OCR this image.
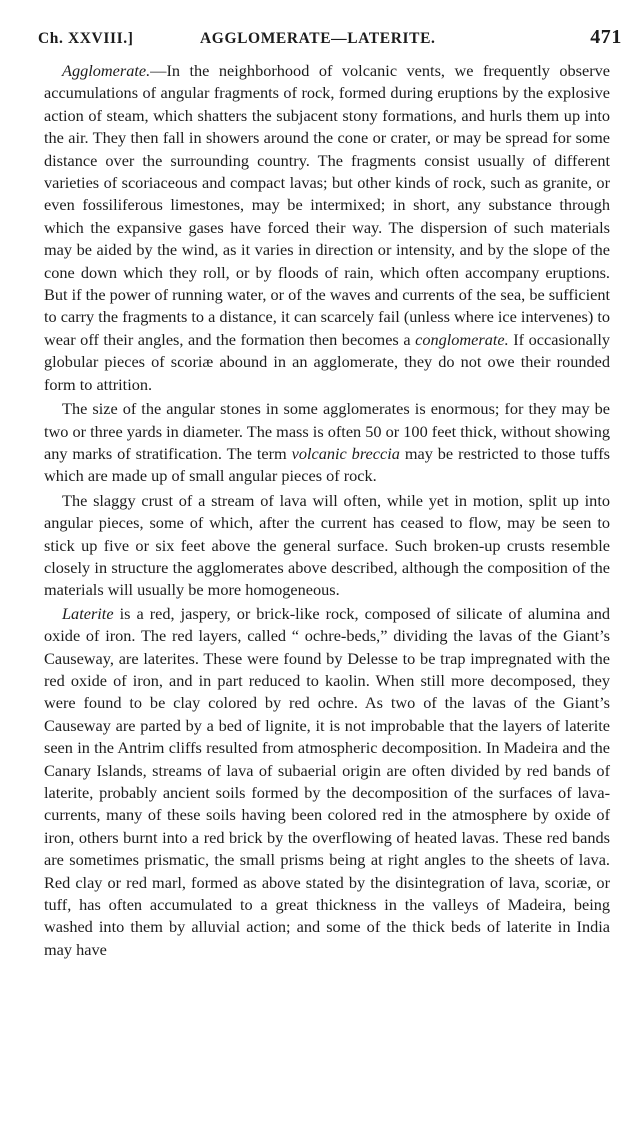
Ch. XXVIII.]	AGGLOMERATE—LATERITE.	471

Agglomerate.—In the neighborhood of volcanic vents, we frequently observe accumulations of angular fragments of rock, formed during eruptions by the explosive action of steam, which shatters the subjacent stony formations, and hurls them up into the air. They then fall in showers around the cone or crater, or may be spread for some distance over the surrounding country. The fragments consist usually of different varieties of scoriaceous and compact lavas; but other kinds of rock, such as granite, or even fossiliferous limestones, may be intermixed; in short, any substance through which the expansive gases have forced their way. The dispersion of such materials may be aided by the wind, as it varies in direction or intensity, and by the slope of the cone down which they roll, or by floods of rain, which often accompany eruptions. But if the power of running water, or of the waves and currents of the sea, be sufficient to carry the fragments to a distance, it can scarcely fail (unless where ice intervenes) to wear off their angles, and the formation then becomes a conglomerate. If occasionally globular pieces of scoriæ abound in an agglomerate, they do not owe their rounded form to attrition.

The size of the angular stones in some agglomerates is enormous; for they may be two or three yards in diameter. The mass is often 50 or 100 feet thick, without showing any marks of stratification. The term volcanic breccia may be restricted to those tuffs which are made up of small angular pieces of rock.

The slaggy crust of a stream of lava will often, while yet in motion, split up into angular pieces, some of which, after the current has ceased to flow, may be seen to stick up five or six feet above the general surface. Such broken-up crusts resemble closely in structure the agglomerates above described, although the composition of the materials will usually be more homogeneous.

Laterite is a red, jaspery, or brick-like rock, composed of silicate of alumina and oxide of iron. The red layers, called “ ochre-beds,” dividing the lavas of the Giant’s Causeway, are laterites. These were found by Delesse to be trap impregnated with the red oxide of iron, and in part reduced to kaolin. When still more decomposed, they were found to be clay colored by red ochre. As two of the lavas of the Giant’s Causeway are parted by a bed of lignite, it is not improbable that the layers of laterite seen in the Antrim cliffs resulted from atmospheric decomposition. In Madeira and the Canary Islands, streams of lava of subaerial origin are often divided by red bands of laterite, probably ancient soils formed by the decomposition of the surfaces of lava-currents, many of these soils having been colored red in the atmosphere by oxide of iron, others burnt into a red brick by the overflowing of heated lavas. These red bands are sometimes prismatic, the small prisms being at right angles to the sheets of lava. Red clay or red marl, formed as above stated by the disintegration of lava, scoriæ, or tuff, has often accumulated to a great thickness in the valleys of Madeira, being washed into them by alluvial action; and some of the thick beds of laterite in India may have
